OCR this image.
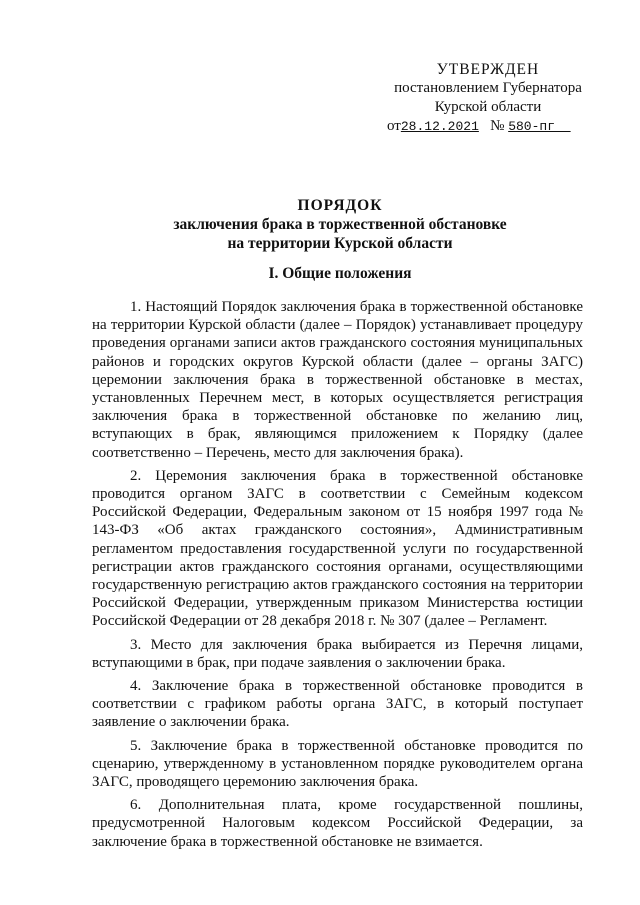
УТВЕРЖДЕН
постановлением Губернатора
Курской области
от28.12.2021 № 580-пг
ПОРЯДОК
заключения брака в торжественной обстановке
на территории Курской области
I. Общие положения

1. Настоящий Порядок заключения брака в торжественной обстановке на территории Курской области (далее – Порядок) устанавливает процедуру проведения органами записи актов гражданского состояния муниципальных районов и городских округов Курской области (далее – органы ЗАГС) церемонии заключения брака в торжественной обстановке в местах, установленных Перечнем мест, в которых осуществляется регистрация заключения брака в торжественной обстановке по желанию лиц, вступающих в брак, являющимся приложением к Порядку (далее соответственно – Перечень, место для заключения брака).

2. Церемония заключения брака в торжественной обстановке проводится органом ЗАГС в соответствии с Семейным кодексом Российской Федерации, Федеральным законом от 15 ноября 1997 года № 143-ФЗ «Об актах гражданского состояния», Административным регламентом предоставления государственной услуги по государственной регистрации актов гражданского состояния органами, осуществляющими государственную регистрацию актов гражданского состояния на территории Российской Федерации, утвержденным приказом Министерства юстиции Российской Федерации от 28 декабря 2018 г. № 307 (далее – Регламент.

3. Место для заключения брака выбирается из Перечня лицами, вступающими в брак, при подаче заявления о заключении брака.

4. Заключение брака в торжественной обстановке проводится в соответствии с графиком работы органа ЗАГС, в который поступает заявление о заключении брака.

5. Заключение брака в торжественной обстановке проводится по сценарию, утвержденному в установленном порядке руководителем органа ЗАГС, проводящего церемонию заключения брака.

6. Дополнительная плата, кроме государственной пошлины, предусмотренной Налоговым кодексом Российской Федерации, за заключение брака в торжественной обстановке не взимается.
